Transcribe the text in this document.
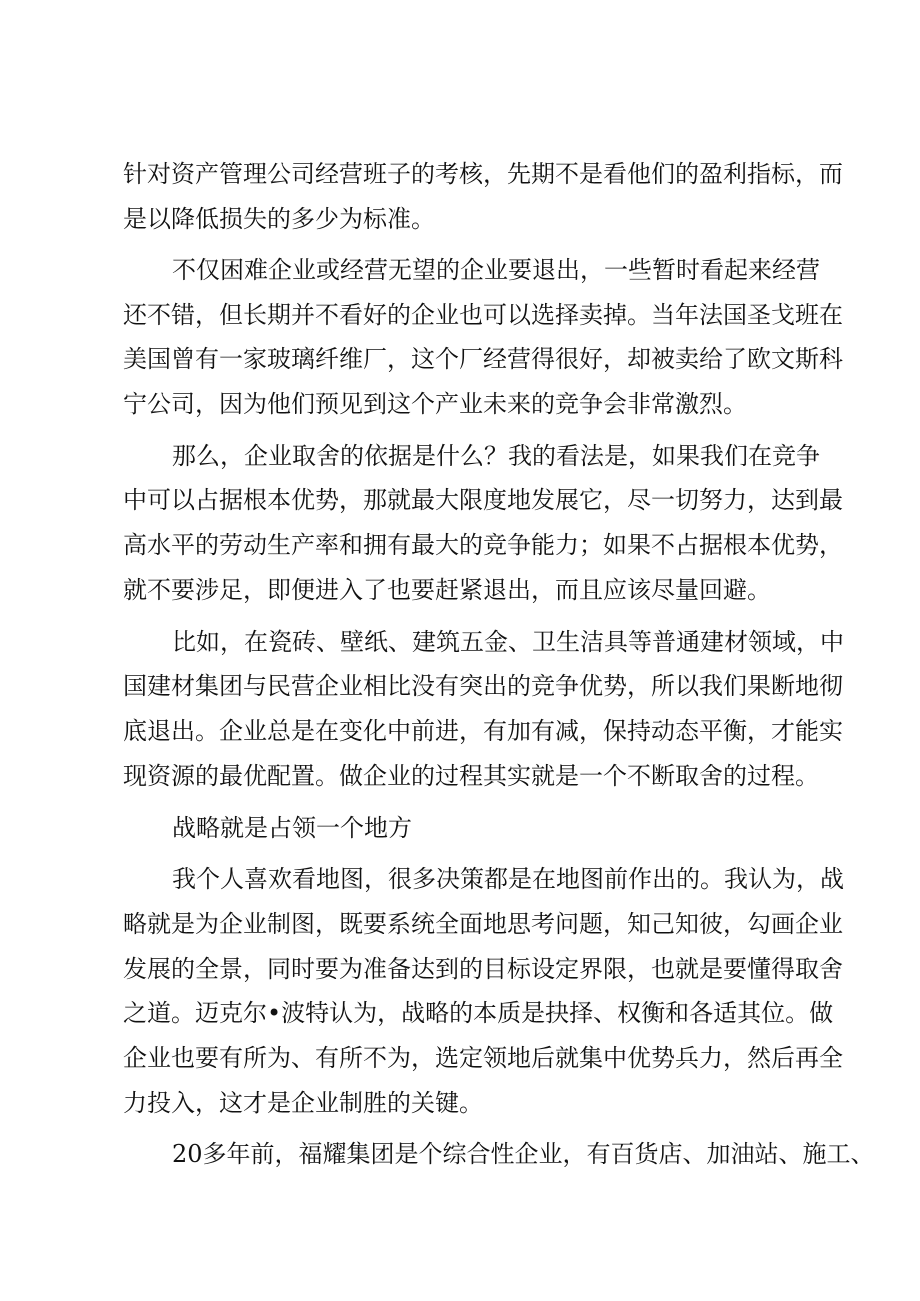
针对资产管理公司经营班子的考核，先期不是看他们的盈利指标，而
是以降低损失的多少为标准。
不仅困难企业或经营无望的企业要退出，一些暂时看起来经营
还不错，但长期并不看好的企业也可以选择卖掉。当年法国圣戈班在
美国曾有一家玻璃纤维厂，这个厂经营得很好，却被卖给了欧文斯科
宁公司，因为他们预见到这个产业未来的竞争会非常激烈。
那么，企业取舍的依据是什么？我的看法是，如果我们在竞争
中可以占据根本优势，那就最大限度地发展它，尽一切努力，达到最
高水平的劳动生产率和拥有最大的竞争能力；如果不占据根本优势，
就不要涉足，即便进入了也要赶紧退出，而且应该尽量回避。
比如，在瓷砖、壁纸、建筑五金、卫生洁具等普通建材领域，中
国建材集团与民营企业相比没有突出的竞争优势，所以我们果断地彻
底退出。企业总是在变化中前进，有加有减，保持动态平衡，才能实
现资源的最优配置。做企业的过程其实就是一个不断取舍的过程。
战略就是占领一个地方
我个人喜欢看地图，很多决策都是在地图前作出的。我认为，战
略就是为企业制图，既要系统全面地思考问题，知己知彼，勾画企业
发展的全景，同时要为准备达到的目标设定界限，也就是要懂得取舍
之道。迈克尔•波特认为，战略的本质是抉择、权衡和各适其位。做
企业也要有所为、有所不为，选定领地后就集中优势兵力，然后再全
力投入，这才是企业制胜的关键。
20多年前，福耀集团是个综合性企业，有百货店、加油站、施工、
